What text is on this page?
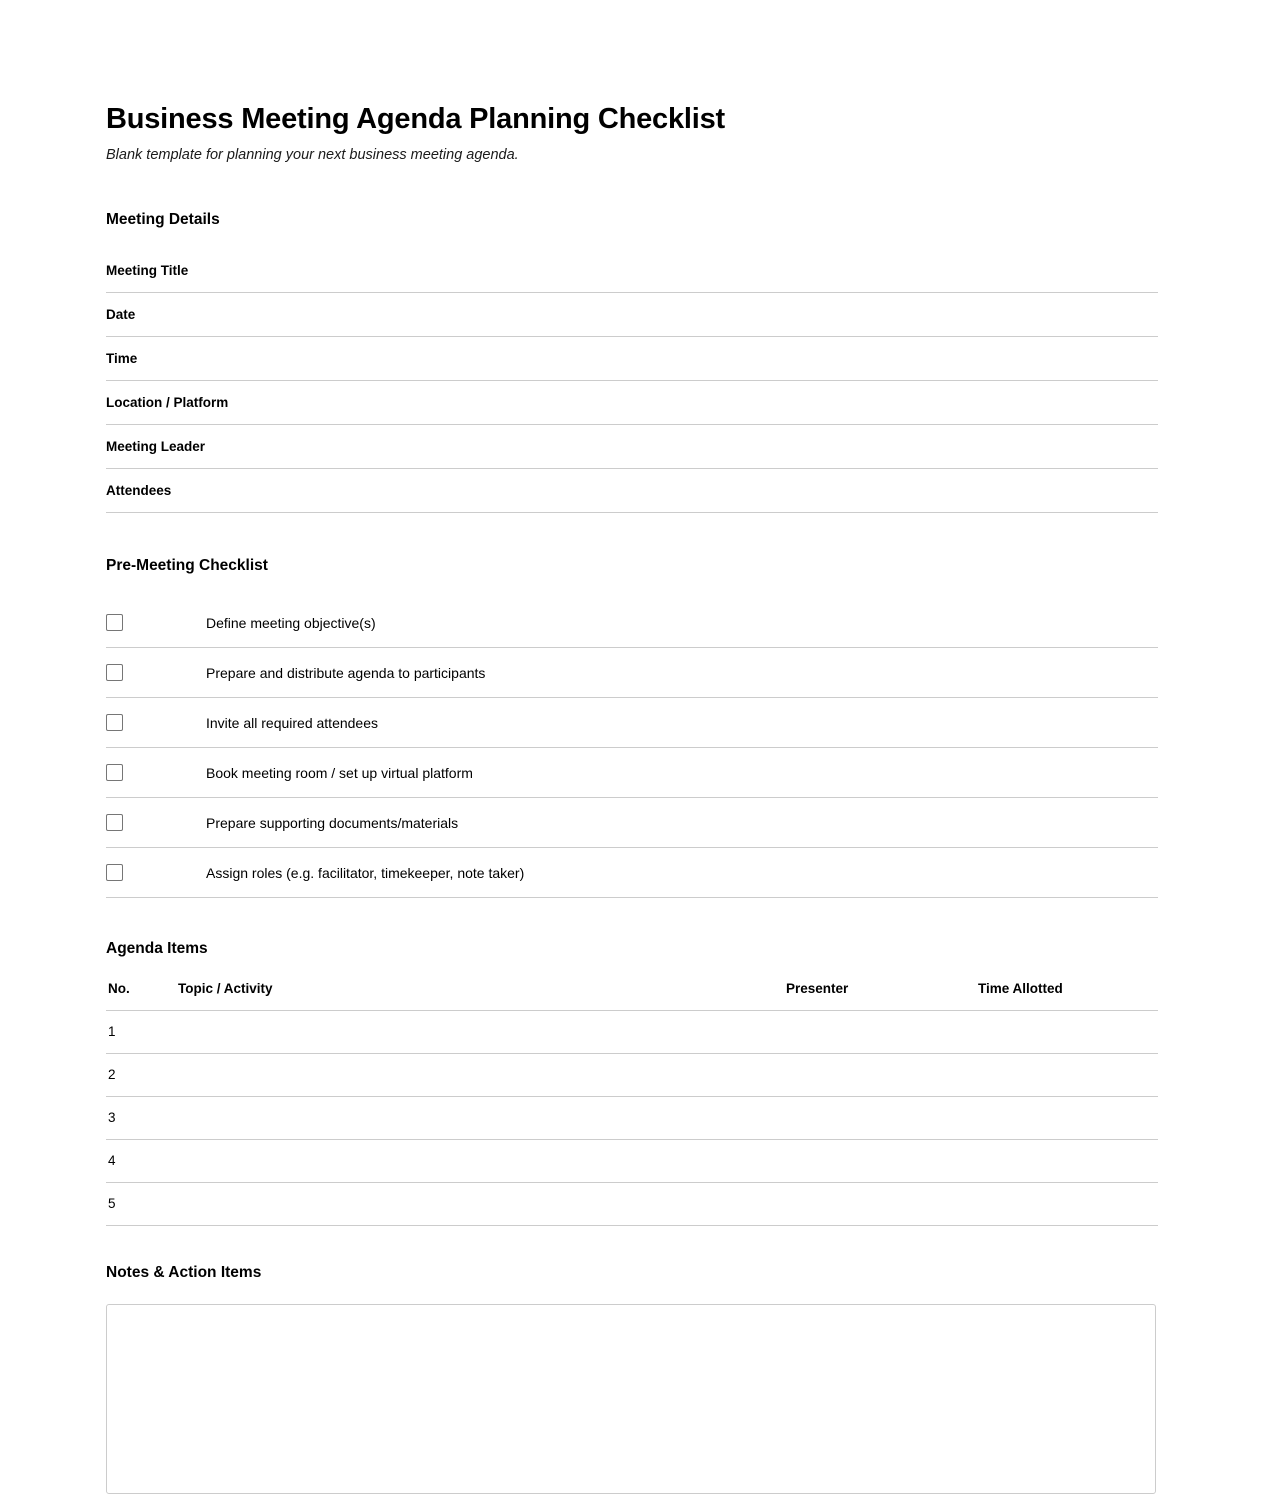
Business Meeting Agenda Planning Checklist

Blank template for planning your next business meeting agenda.

Meeting Details
Meeting Title
Date
Time
Location / Platform
Meeting Leader
Attendees
Pre-Meeting Checklist
	Define meeting objective(s)
	Prepare and distribute agenda to participants
	Invite all required attendees
	Book meeting room / set up virtual platform
	Prepare supporting documents/materials
	Assign roles (e.g. facilitator, timekeeper, note taker)
Agenda Items
No.	Topic / Activity	Presenter	Time Allotted
1			
2			
3			
4			
5			
Notes & Action Items
